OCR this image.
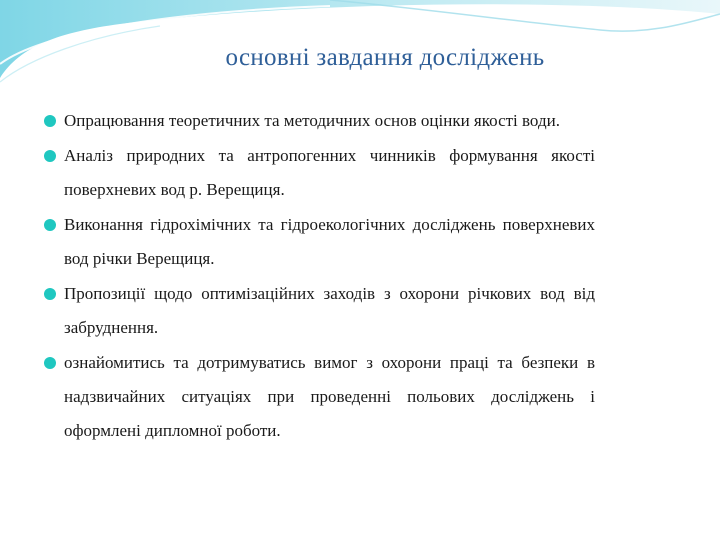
основні завдання досліджень
Опрацювання теоретичних та методичних основ оцінки якості води.
Аналіз природних та антропогенних чинників формування якості поверхневих вод р. Верещиця.
Виконання гідрохімічних та гідроекологічних досліджень поверхневих вод річки Верещиця.
Пропозиції щодо оптимізаційних заходів з охорони річкових вод від забруднення.
ознайомитись та дотримуватись вимог з охорони праці та безпеки в надзвичайних ситуаціях при проведенні польових досліджень і оформлені дипломної роботи.
